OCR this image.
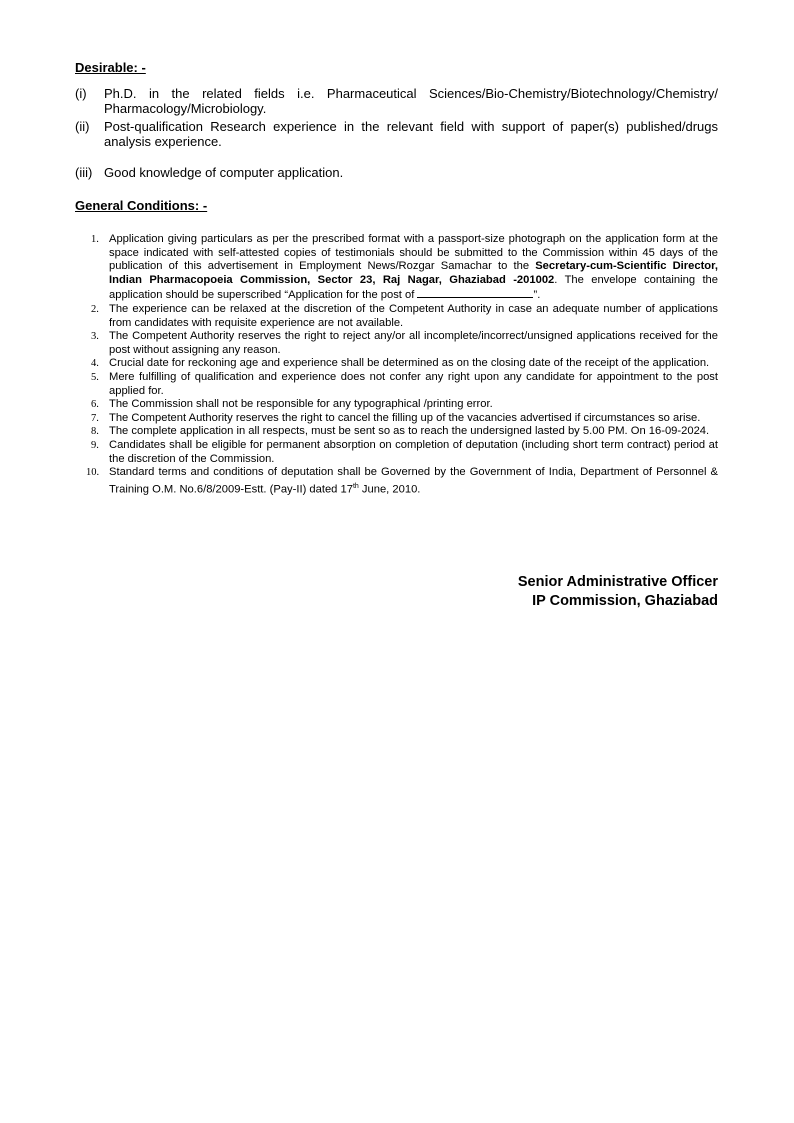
Desirable: -

(i)	Ph.D. in the related fields i.e. Pharmaceutical Sciences/Bio-Chemistry/Biotechnology/Chemistry/ Pharmacology/Microbiology.
(ii)	Post-qualification Research experience in the relevant field with support of paper(s) published/drugs analysis experience.
(iii) Good knowledge of computer application.

General Conditions: -

1. Application giving particulars as per the prescribed format with a passport-size photograph on the application form at the space indicated with self-attested copies of testimonials should be submitted to the Commission within 45 days of the publication of this advertisement in Employment News/Rozgar Samachar to the Secretary-cum-Scientific Director, Indian Pharmacopoeia Commission, Sector 23, Raj Nagar, Ghaziabad -201002. The envelope containing the application should be superscribed “Application for the post of	”.
2. The experience can be relaxed at the discretion of the Competent Authority in case an adequate number of applications from candidates with requisite experience are not available.
3. The Competent Authority reserves the right to reject any/or all incomplete/incorrect/unsigned applications received for the post without assigning any reason.
4. Crucial date for reckoning age and experience shall be determined as on the closing date of the receipt of the application.
5. Mere fulfilling of qualification and experience does not confer any right upon any candidate for appointment to the post applied for.
6. The Commission shall not be responsible for any typographical /printing error.
7. The Competent Authority reserves the right to cancel the filling up of the vacancies advertised if circumstances so arise.
8. The complete application in all respects, must be sent so as to reach the undersigned lasted by 5.00 PM. On 16-09-2024.
9. Candidates shall be eligible for permanent absorption on completion of deputation (including short term contract) period at the discretion of the Commission.
10. Standard terms and conditions of deputation shall be Governed by the Government of India, Department of Personnel & Training O.M. No.6/8/2009-Estt. (Pay-II) dated 17th June, 2010.
Senior Administrative Officer
IP Commission, Ghaziabad
